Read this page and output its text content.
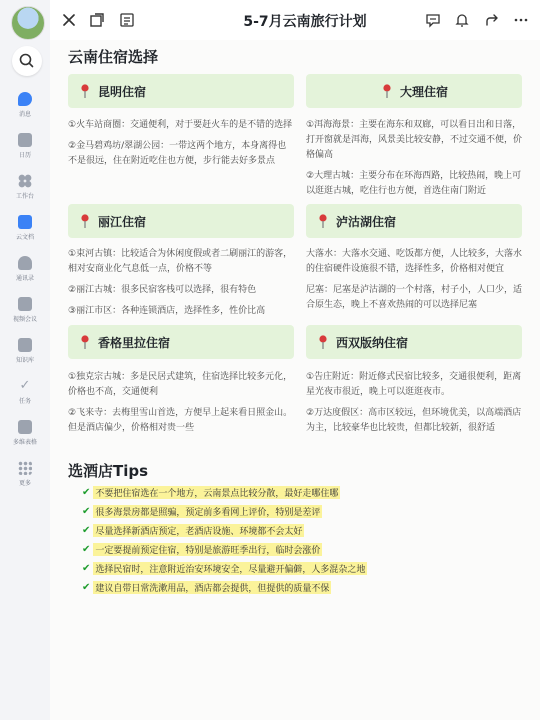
消息
日历
工作台
云文档
通讯录
视频会议
知识库
✓
任务
多维表格
更多
5-7月云南旅行计划
云南住宿选择
昆明住宿	大理住宿

①火车站商圈：交通便利，对于要赶火车的是不错的选择

②金马碧鸡坊/翠湖公园：一带这两个地方，本身离得也不是很远，住在附近吃住也方便，步行能去好多景点

①洱海海景：主要在海东和双廊，可以看日出和日落，打开窗就是洱海，风景美比较安静，不过交通不便，价格偏高

②大理古城：主要分布在环海西路，比较热闹，晚上可以逛逛古城，吃住行也方便，首选住南门附近

丽江住宿	泸沽湖住宿

①束河古镇：比较适合为休闲度假或者二刷丽江的游客，相对安商业化气息低一点，价格不等

②丽江古城：很多民宿客栈可以选择，很有特色

③丽江市区：各种连锁酒店，选择性多，性价比高

大落水：大落水交通、吃饭都方便，人比较多，大落水的住宿硬件设施很不错，选择性多，价格相对便宜

尼塞：尼塞是泸沽湖的一个村落，村子小，人口少，适合原生态，晚上不喜欢热闹的可以选择尼塞

香格里拉住宿	西双版纳住宿

①独克宗古城：多是民居式建筑，住宿选择比较多元化，价格也不高，交通便利

②飞来寺：去梅里雪山首选，方便早上起来看日照金山。但是酒店偏少，价格相对贵一些

①告庄附近：附近修式民宿比较多，交通很便利，距离星光夜市很近，晚上可以逛逛夜市。

②万达度假区：高市区较远，但环境优美，以高端酒店为主，比较豪华也比较贵，但都比较新，很舒适

选酒店Tips
✔ 不要把住宿选在一个地方，云南景点比较分散，最好走哪住哪
✔ 很多海景房都是照骗，预定前多看网上评价，特别是差评
✔ 尽量选择新酒店预定，老酒店设施、环境都不会太好
✔ 一定要提前预定住宿，特别是旅游旺季出行，临时会涨价
✔ 选择民宿时，注意附近治安环境安全，尽量避开偏僻，人多混杂之地
✔ 建议自带日常洗漱用品，酒店都会提供，但提供的质量不保
